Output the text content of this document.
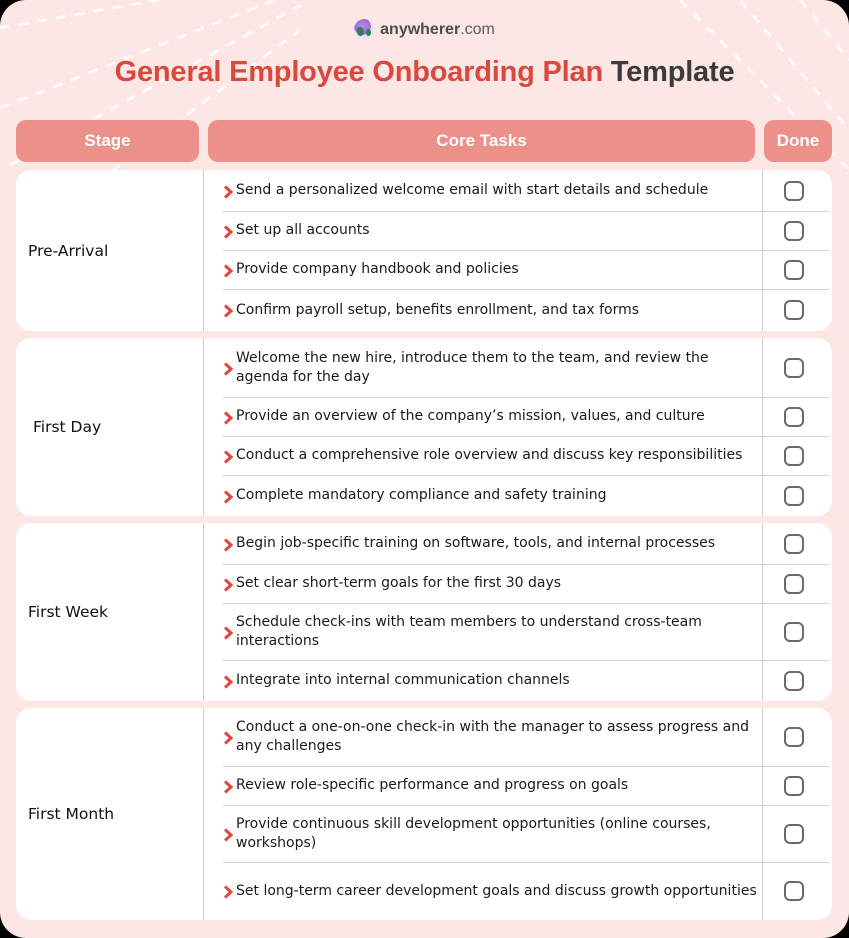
anywherer.com
General Employee Onboarding Plan Template
Stage	Core Tasks	Done
Pre-Arrival
Send a personalized welcome email with start details and schedule
Set up all accounts
Provide company handbook and policies
Confirm payroll setup, benefits enrollment, and tax forms
First Day
Welcome the new hire, introduce them to the team, and review the agenda for the day
Provide an overview of the company’s mission, values, and culture
Conduct a comprehensive role overview and discuss key responsibilities
Complete mandatory compliance and safety training
First Week
Begin job-specific training on software, tools, and internal processes
Set clear short-term goals for the first 30 days
Schedule check-ins with team members to understand cross-team interactions
Integrate into internal communication channels
First Month
Conduct a one-on-one check-in with the manager to assess progress and any challenges
Review role-specific performance and progress on goals
Provide continuous skill development opportunities (online courses, workshops)
Set long-term career development goals and discuss growth opportunities
